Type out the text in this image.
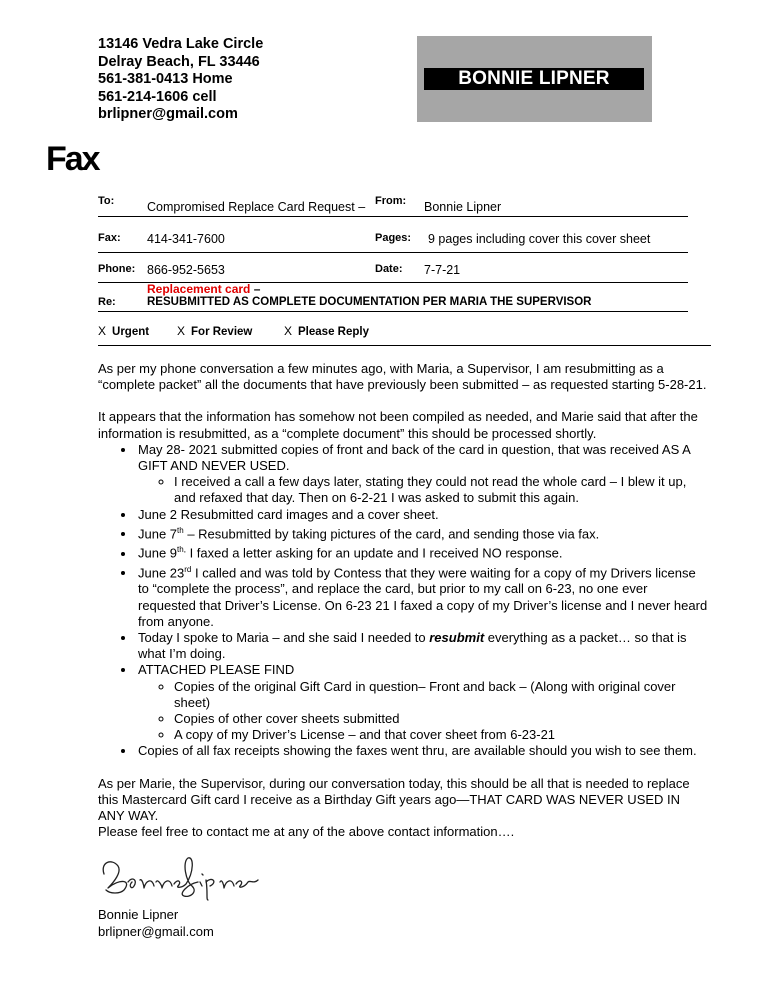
13146 Vedra Lake Circle
Delray Beach, FL 33446
561-381-0413 Home
561-214-1606 cell
brlipner@gmail.com
BONNIE LIPNER
Fax
To:	Compromised Replace Card Request – From: Bonnie Lipner
Fax: 414-341-7600	Pages: 9 pages including cover this cover sheet
Phone: 866-952-5653	Date: 7-7-21
Re:
Replacement card –
RESUBMITTED AS COMPLETE DOCUMENTATION PER MARIA THE SUPERVISOR
X Urgent X For Review	X Please Reply

As per my phone conversation a few minutes ago, with Maria, a Supervisor, I am resubmitting as a “complete packet” all the documents that have previously been submitted – as requested starting 5-28-21.

It appears that the information has somehow not been compiled as needed, and Marie said that after the information is resubmitted, as a “complete document” this should be processed shortly.

• May 28- 2021 submitted copies of front and back of the card in question, that was received AS A GIFT AND NEVER USED.
◦ I received a call a few days later, stating they could not read the whole card – I blew it up, and refaxed that day. Then on 6-2-21 I was asked to submit this again.
• June 2 Resubmitted card images and a cover sheet.
• June 7th – Resubmitted by taking pictures of the card, and sending those via fax.
• June $9^{th,}$ I faxed a letter asking for an update and I received NO response.
• June 23rd I called and was told by Contess that they were waiting for a copy of my Drivers license to “complete the process”, and replace the card, but prior to my call on 6-23, no one ever requested that Driver’s License. On 6-23 21 I faxed a copy of my Driver’s license and I never heard from anyone.
• Today I spoke to Maria – and she said I needed to resubmit everything as a packet… so that is what I’m doing.
• ATTACHED PLEASE FIND
◦ Copies of the original Gift Card in question– Front and back – (Along with original cover sheet)
◦ Copies of other cover sheets submitted
◦ A copy of my Driver’s License – and that cover sheet from 6-23-21
• Copies of all fax receipts showing the faxes went thru, are available should you wish to see them.

As per Marie, the Supervisor, during our conversation today, this should be all that is needed to replace this Mastercard Gift card I receive as a Birthday Gift years ago—THAT CARD WAS NEVER USED IN ANY WAY.

Please feel free to contact me at any of the above contact information….

Bonnie Lipner
brlipner@gmail.com
